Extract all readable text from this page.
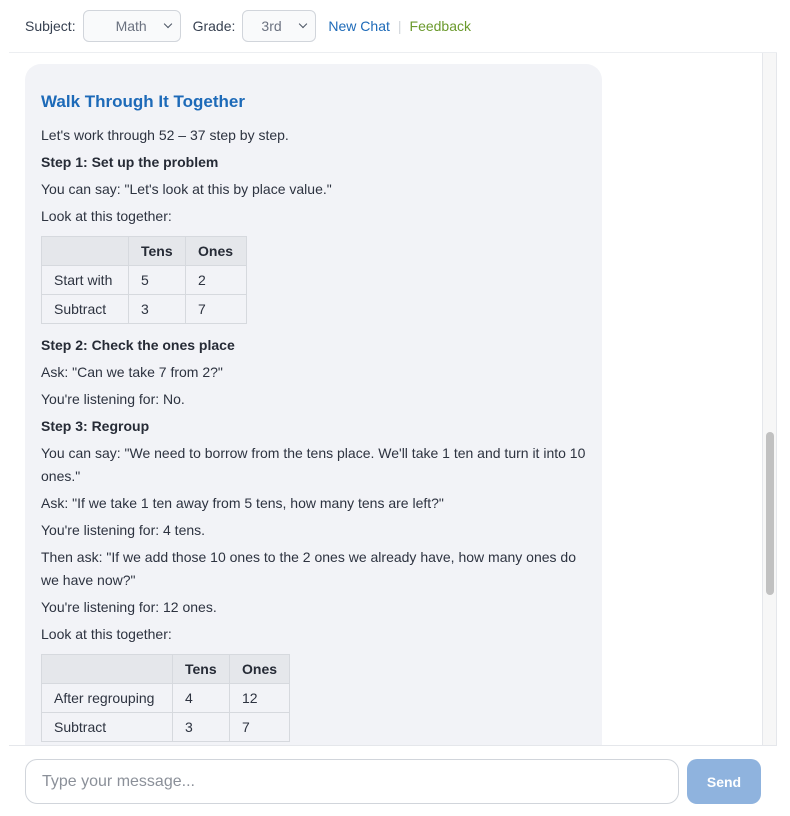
Subject:	Math	Grade: 3rd	New Chat | Feedback
Walk Through It Together

Let's work through 52 – 37 step by step.

Step 1: Set up the problem

You can say: "Let's look at this by place value."

Look at this together:

	Tens	Ones
Start with	5	2
Subtract	3	7

Step 2: Check the ones place

Ask: "Can we take 7 from 2?"

You're listening for: No.

Step 3: Regroup

You can say: "We need to borrow from the tens place. We'll take 1 ten and turn it into 10 ones."

Ask: "If we take 1 ten away from 5 tens, how many tens are left?"

You're listening for: 4 tens.

Then ask: "If we add those 10 ones to the 2 ones we already have, how many ones do we have now?"

You're listening for: 12 ones.

Look at this together:

	Tens	Ones
After regrouping	4	12
Subtract	3	7
Type your message...
Send
